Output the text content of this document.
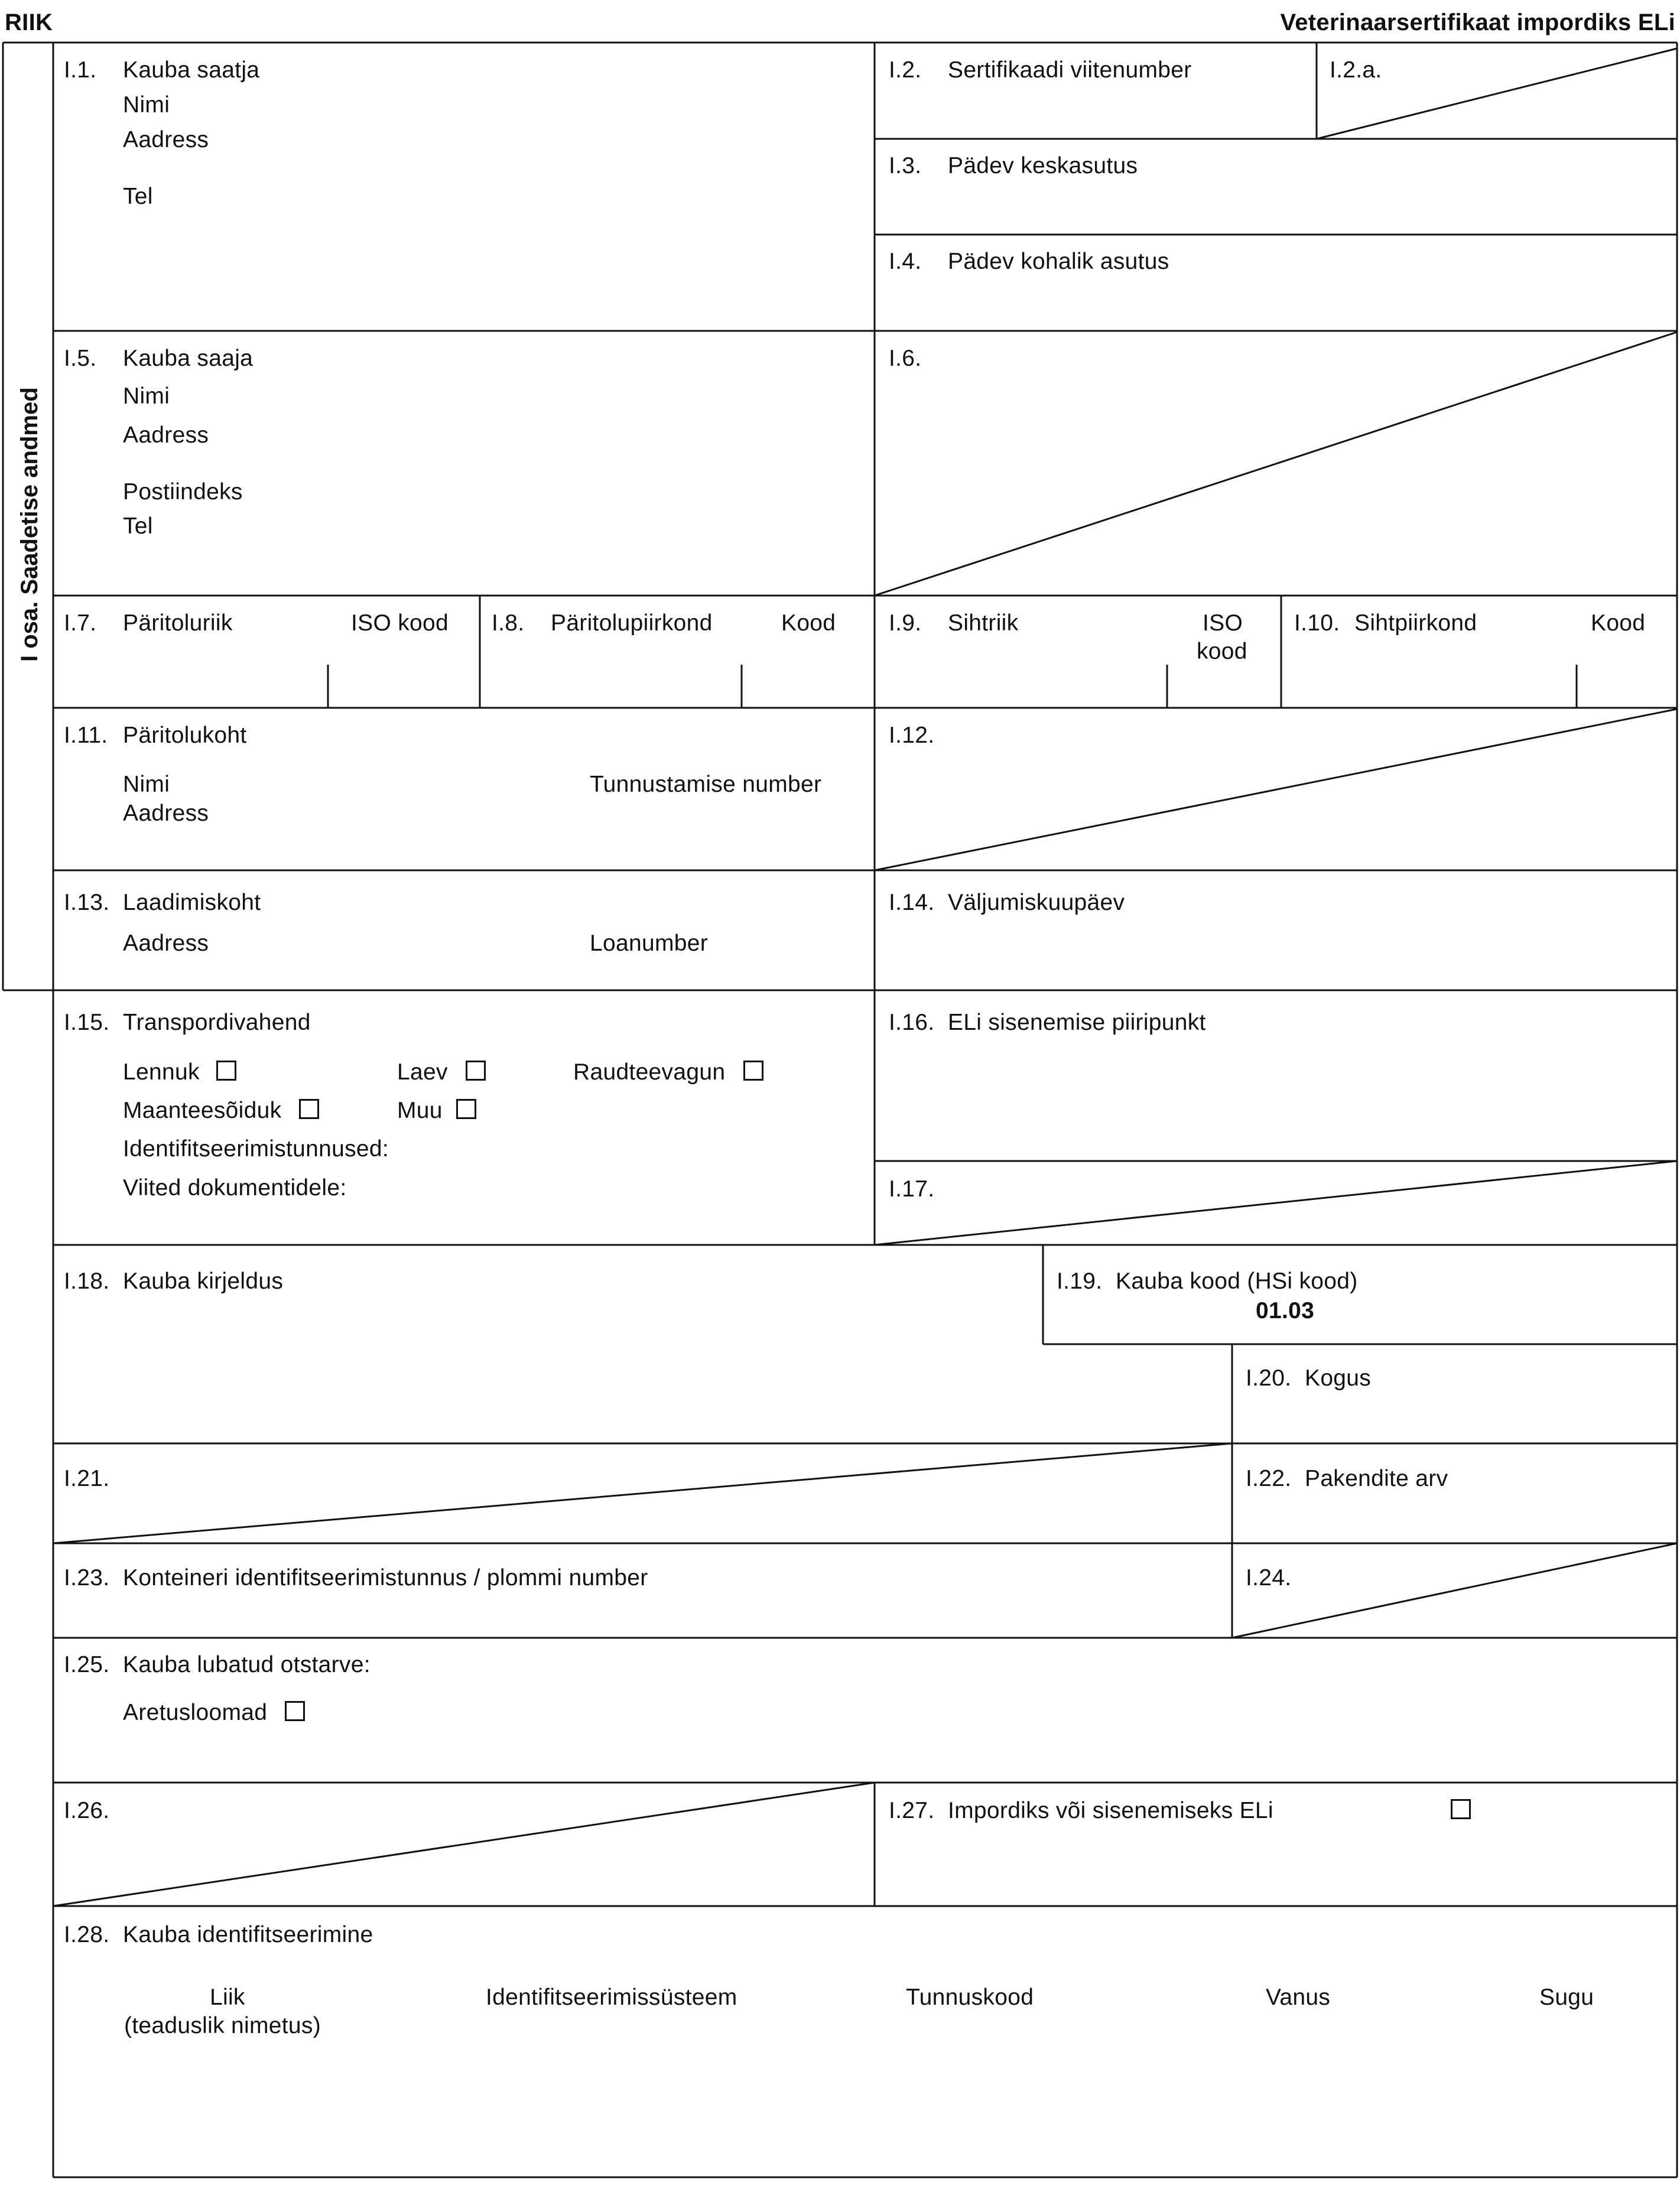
RIIK	Veterinaarsertifikaat impordiks ELi
I osa. Saadetise andmed
I.1. Kauba saatja
Nimi
Aadress
Tel
I.2. Sertifikaadi viitenumber	I.2.a.
I.3. Pädev keskasutus
I.4. Pädev kohalik asutus
I.5. Kauba saaja
Nimi
Aadress
Postiindeks
Tel
I.6.
I.7. Päritoluriik	ISO kood I.8. Päritolupiirkond	Kood I.9. Sihtriik	ISO
kood
I.10. Sihtpiirkond	Kood
I.11. Päritolukoht
Nimi	Tunnustamise number
Aadress
I.12.
I.13. Laadimiskoht
Aadress	Loanumber
I.14. Väljumiskuupäev
I.15. Transpordivahend
Lennuk	Laev	Raudteevagun
Maanteesõiduk	Muu
Identifitseerimistunnused:
Viited dokumentidele:
I.16. ELi sisenemise piiripunkt
I.17.
I.18. Kauba kirjeldus	I.19. Kauba kood (HSi kood)
01.03
I.20. Kogus
I.21.	I.22. Pakendite arv
I.23. Konteineri identifitseerimistunnus / plommi number	I.24.
I.25. Kauba lubatud otstarve:
Aretusloomad
I.26.	I.27. Impordiks või sisenemiseks ELi
I.28. Kauba identifitseerimine
Liik
(teaduslik nimetus)
Identifitseerimissüsteem	Tunnuskood	Vanus	Sugu
